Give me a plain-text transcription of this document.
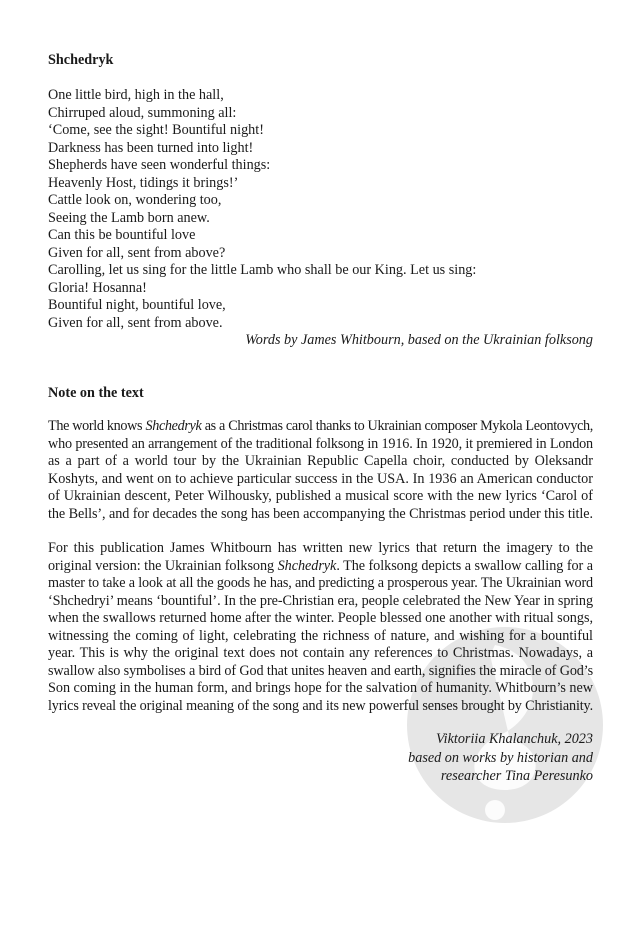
Shchedryk
One little bird, high in the hall,
Chirruped aloud, summoning all:
‘Come, see the sight! Bountiful night!
Darkness has been turned into light!
Shepherds have seen wonderful things:
Heavenly Host, tidings it brings!’
Cattle look on, wondering too,
Seeing the Lamb born anew.
Can this be bountiful love
Given for all, sent from above?
Carolling, let us sing for the little Lamb who shall be our King. Let us sing:
Gloria! Hosanna!
Bountiful night, bountiful love,
Given for all, sent from above.
Words by James Whitbourn, based on the Ukrainian folksong
Note on the text
The world knows Shchedryk as a Christmas carol thanks to Ukrainian composer Mykola Leontovych,
who presented an arrangement of the traditional folksong in 1916. In 1920, it premiered in London
as a part of a world tour by the Ukrainian Republic Capella choir, conducted by Oleksandr
Koshyts, and went on to achieve particular success in the USA. In 1936 an American conductor
of Ukrainian descent, Peter Wilhousky, published a musical score with the new lyrics ‘Carol of
the Bells’, and for decades the song has been accompanying the Christmas period under this title.
For this publication James Whitbourn has written new lyrics that return the imagery to the
original version: the Ukrainian folksong Shchedryk. The folksong depicts a swallow calling for a
master to take a look at all the goods he has, and predicting a prosperous year. The Ukrainian word
‘Shchedryi’ means ‘bountiful’. In the pre-Christian era, people celebrated the New Year in spring
when the swallows returned home after the winter. People blessed one another with ritual songs,
witnessing the coming of light, celebrating the richness of nature, and wishing for a bountiful
year. This is why the original text does not contain any references to Christmas. Nowadays, a
swallow also symbolises a bird of God that unites heaven and earth, signifies the miracle of God’s
Son coming in the human form, and brings hope for the salvation of humanity. Whitbourn’s new
lyrics reveal the original meaning of the song and its new powerful senses brought by Christianity.
Viktoriia Khalanchuk, 2023
based on works by historian and
researcher Tina Peresunko
